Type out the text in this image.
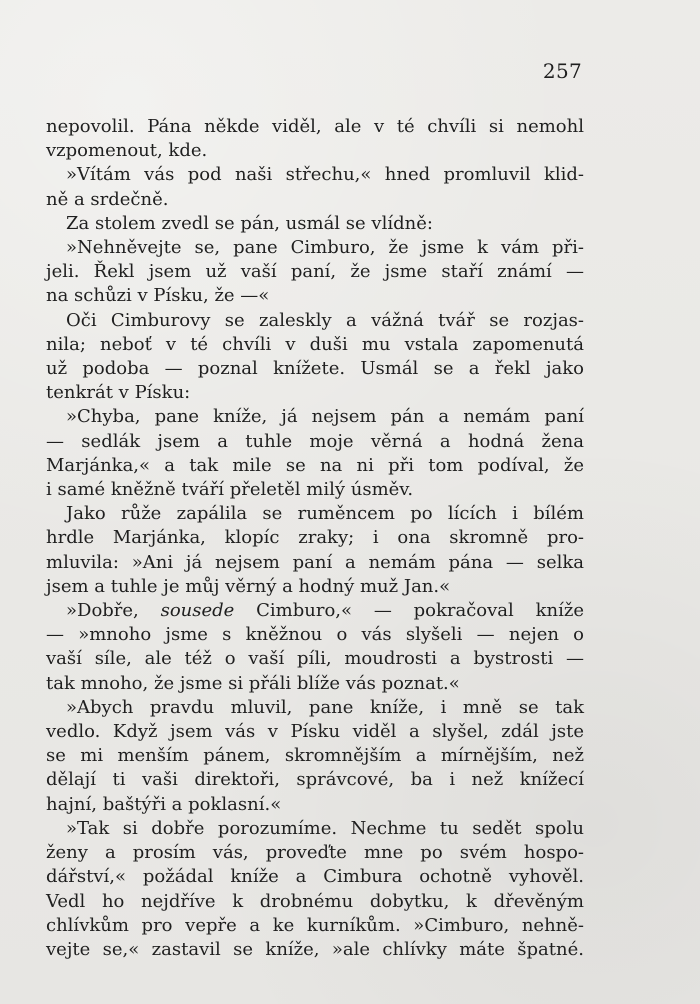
257
nepovolil. Pána někde viděl, ale v té chvíli si nemohl
vzpomenout, kde.
»Vítám vás pod naši střechu,« hned promluvil klid-
ně a srdečně.
Za stolem zvedl se pán, usmál se vlídně:
»Nehněvejte se, pane Cimburo, že jsme k vám při-
jeli. Řekl jsem už vaší paní, že jsme staří známí —
na schůzi v Písku, že —«
Oči Cimburovy se zaleskly a vážná tvář se rozjas-
nila; neboť v té chvíli v duši mu vstala zapomenutá
už podoba — poznal knížete. Usmál se a řekl jako
tenkrát v Písku:
»Chyba, pane kníže, já nejsem pán a nemám paní
— sedlák jsem a tuhle moje věrná a hodná žena
Marjánka,« a tak mile se na ni při tom podíval, že
i samé kněžně tváří přeletěl milý úsměv.
Jako růže zapálila se ruměncem po lících i bílém
hrdle Marjánka, klopíc zraky; i ona skromně pro-
mluvila: »Ani já nejsem paní a nemám pána — selka
jsem a tuhle je můj věrný a hodný muž Jan.«
»Dobře, sousede Cimburo,« — pokračoval kníže
— »mnoho jsme s kněžnou o vás slyšeli — nejen o
vaší síle, ale též o vaší píli, moudrosti a bystrosti —
tak mnoho, že jsme si přáli blíže vás poznat.«
»Abych pravdu mluvil, pane kníže, i mně se tak
vedlo. Když jsem vás v Písku viděl a slyšel, zdál jste
se mi menším pánem, skromnějším a mírnějším, než
dělají ti vaši direktoři, správcové, ba i než knížecí
hajní, baštýři a poklasní.«
»Tak si dobře porozumíme. Nechme tu sedět spolu
ženy a prosím vás, proveďte mne po svém hospo-
dářství,« požádal kníže a Cimbura ochotně vyhověl.
Vedl ho nejdříve k drobnému dobytku, k dřevěným
chlívkům pro vepře a ke kurníkům. »Cimburo, nehně-
vejte se,« zastavil se kníže, »ale chlívky máte špatné.
